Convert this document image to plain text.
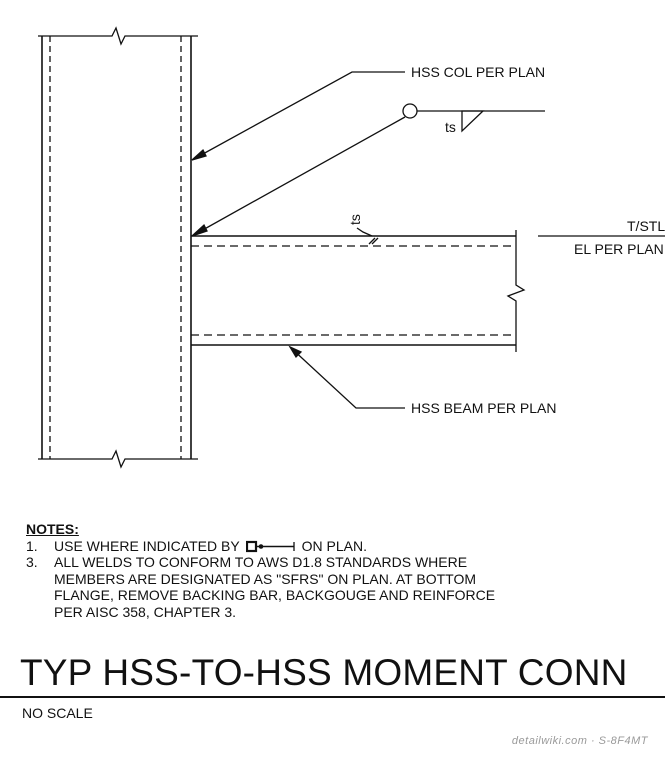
HSS COL PER PLAN
HSS BEAM PER PLAN
ts
ts	T/STL
EL PER PLAN
NOTES:
1.	USE WHERE INDICATED BY	ON PLAN.
3.	ALL WELDS TO CONFORM TO AWS D1.8 STANDARDS WHERE
MEMBERS ARE DESIGNATED AS "SFRS" ON PLAN. AT BOTTOM
FLANGE, REMOVE BACKING BAR, BACKGOUGE AND REINFORCE
PER AISC 358, CHAPTER 3.
TYP HSS-TO-HSS MOMENT CONN
NO SCALE
detailwiki.com · S-8F4MT
